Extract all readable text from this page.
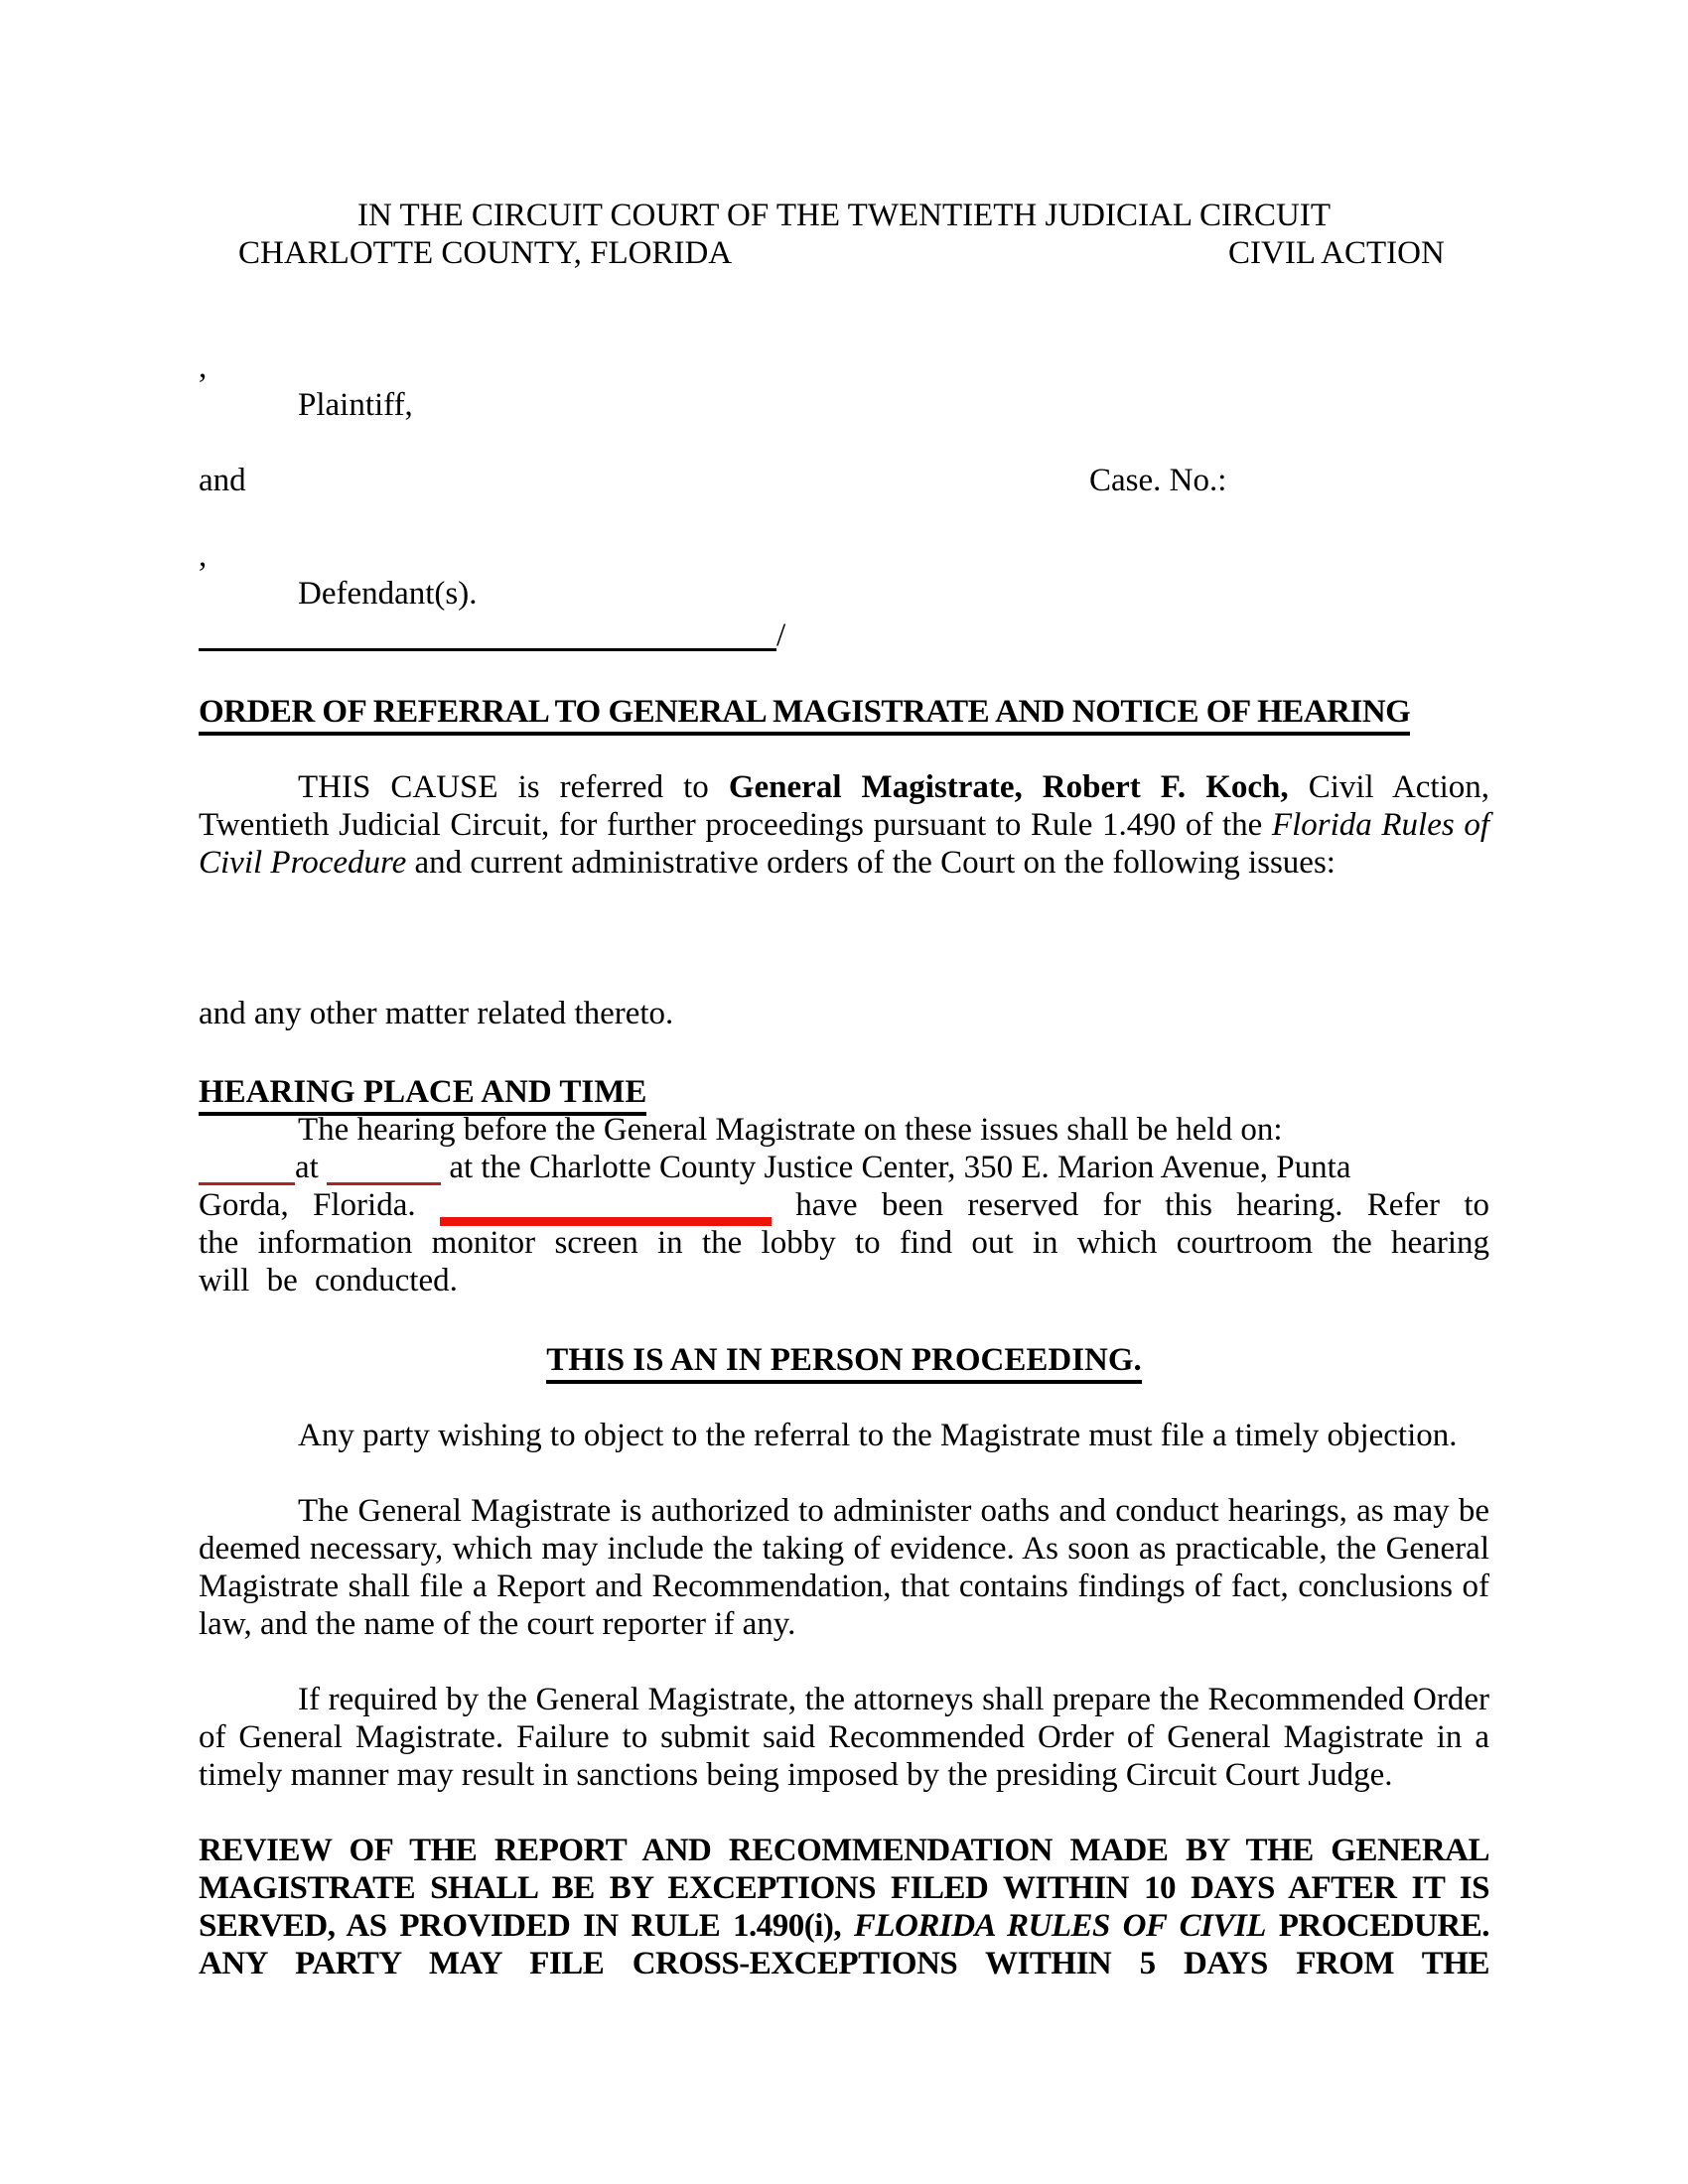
IN THE CIRCUIT COURT OF THE TWENTIETH JUDICIAL CIRCUIT
CHARLOTTE COUNTY, FLORIDA	CIVIL ACTION
,
Plaintiff,
and	Case. No.:
,
Defendant(s).
/
ORDER OF REFERRAL TO GENERAL MAGISTRATE AND NOTICE OF HEARING
THIS CAUSE is referred to General Magistrate, Robert F. Koch, Civil Action,
Twentieth Judicial Circuit, for further proceedings pursuant to Rule 1.490 of the Florida Rules of
Civil Procedure and current administrative orders of the Court on the following issues:
and any other matter related thereto.
HEARING PLACE AND TIME
The hearing before the General Magistrate on these issues shall be held on:
at	at the Charlotte County Justice Center, 350 E. Marion Avenue, Punta
Gorda, Florida.	have been reserved for this hearing. Refer to
the information monitor screen in the lobby to find out in which courtroom the hearing
will be conducted.
THIS IS AN IN PERSON PROCEEDING.
Any party wishing to object to the referral to the Magistrate must file a timely objection.
The General Magistrate is authorized to administer oaths and conduct hearings, as may be
deemed necessary, which may include the taking of evidence. As soon as practicable, the General
Magistrate shall file a Report and Recommendation, that contains findings of fact, conclusions of
law, and the name of the court reporter if any.
If required by the General Magistrate, the attorneys shall prepare the Recommended Order
of General Magistrate. Failure to submit said Recommended Order of General Magistrate in a
timely manner may result in sanctions being imposed by the presiding Circuit Court Judge.
REVIEW OF THE REPORT AND RECOMMENDATION MADE BY THE GENERAL
MAGISTRATE SHALL BE BY EXCEPTIONS FILED WITHIN 10 DAYS AFTER IT IS
SERVED, AS PROVIDED IN RULE 1.490(i), FLORIDA RULES OF CIVIL PROCEDURE.
ANY PARTY MAY FILE CROSS-EXCEPTIONS WITHIN 5 DAYS FROM THE
